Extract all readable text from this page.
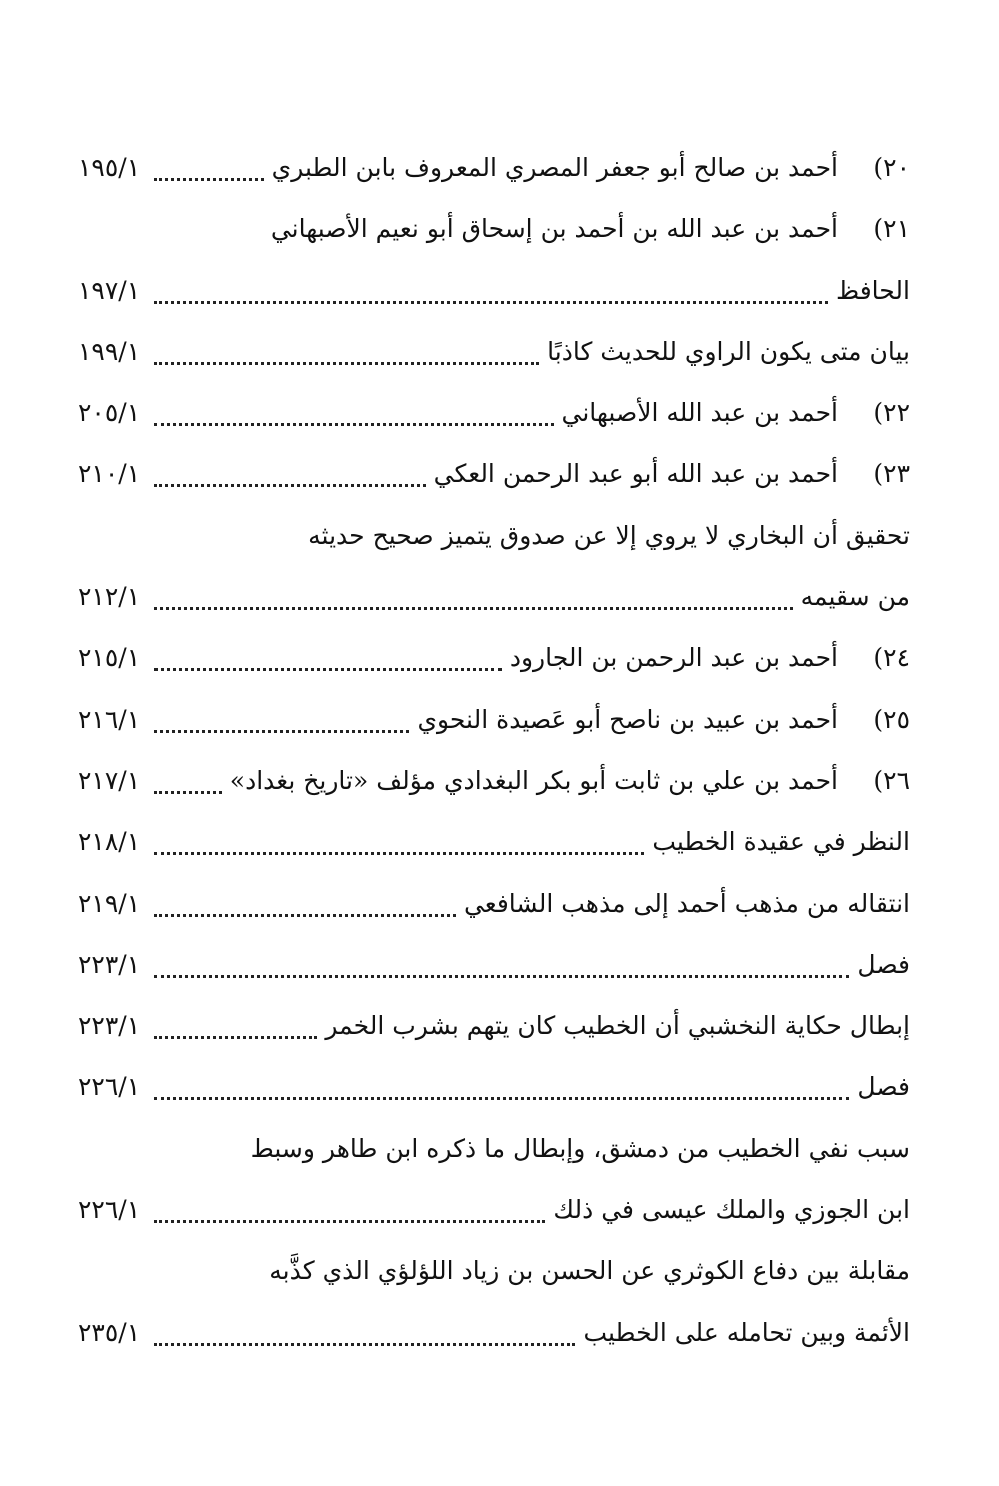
٢٠)
أحمد بن صالح أبو جعفر المصري المعروف بابن الطبري
١٩٥/١
٢١)
أحمد بن عبد الله بن أحمد بن إسحاق أبو نعيم الأصبهاني
الحافظ
١٩٧/١
بيان متى يكون الراوي للحديث كاذبًا
١٩٩/١
٢٢)
أحمد بن عبد الله الأصبهاني
٢٠٥/١
٢٣)
أحمد بن عبد الله أبو عبد الرحمن العكي
٢١٠/١
تحقيق أن البخاري لا يروي إلا عن صدوق يتميز صحيح حديثه
من سقيمه
٢١٢/١
٢٤)
أحمد بن عبد الرحمن بن الجارود
٢١٥/١
٢٥)
أحمد بن عبيد بن ناصح أبو عَصيدة النحوي
٢١٦/١
٢٦)
أحمد بن علي بن ثابت أبو بكر البغدادي مؤلف «تاريخ بغداد»
٢١٧/١
النظر في عقيدة الخطيب
٢١٨/١
انتقاله من مذهب أحمد إلى مذهب الشافعي
٢١٩/١
فصل
٢٢٣/١
إبطال حكاية النخشبي أن الخطيب كان يتهم بشرب الخمر
٢٢٣/١
فصل
٢٢٦/١
سبب نفي الخطيب من دمشق، وإبطال ما ذكره ابن طاهر وسبط
ابن الجوزي والملك عيسى في ذلك
٢٢٦/١
مقابلة بين دفاع الكوثري عن الحسن بن زياد اللؤلؤي الذي كذَّبه
الأئمة وبين تحامله على الخطيب
٢٣٥/١
